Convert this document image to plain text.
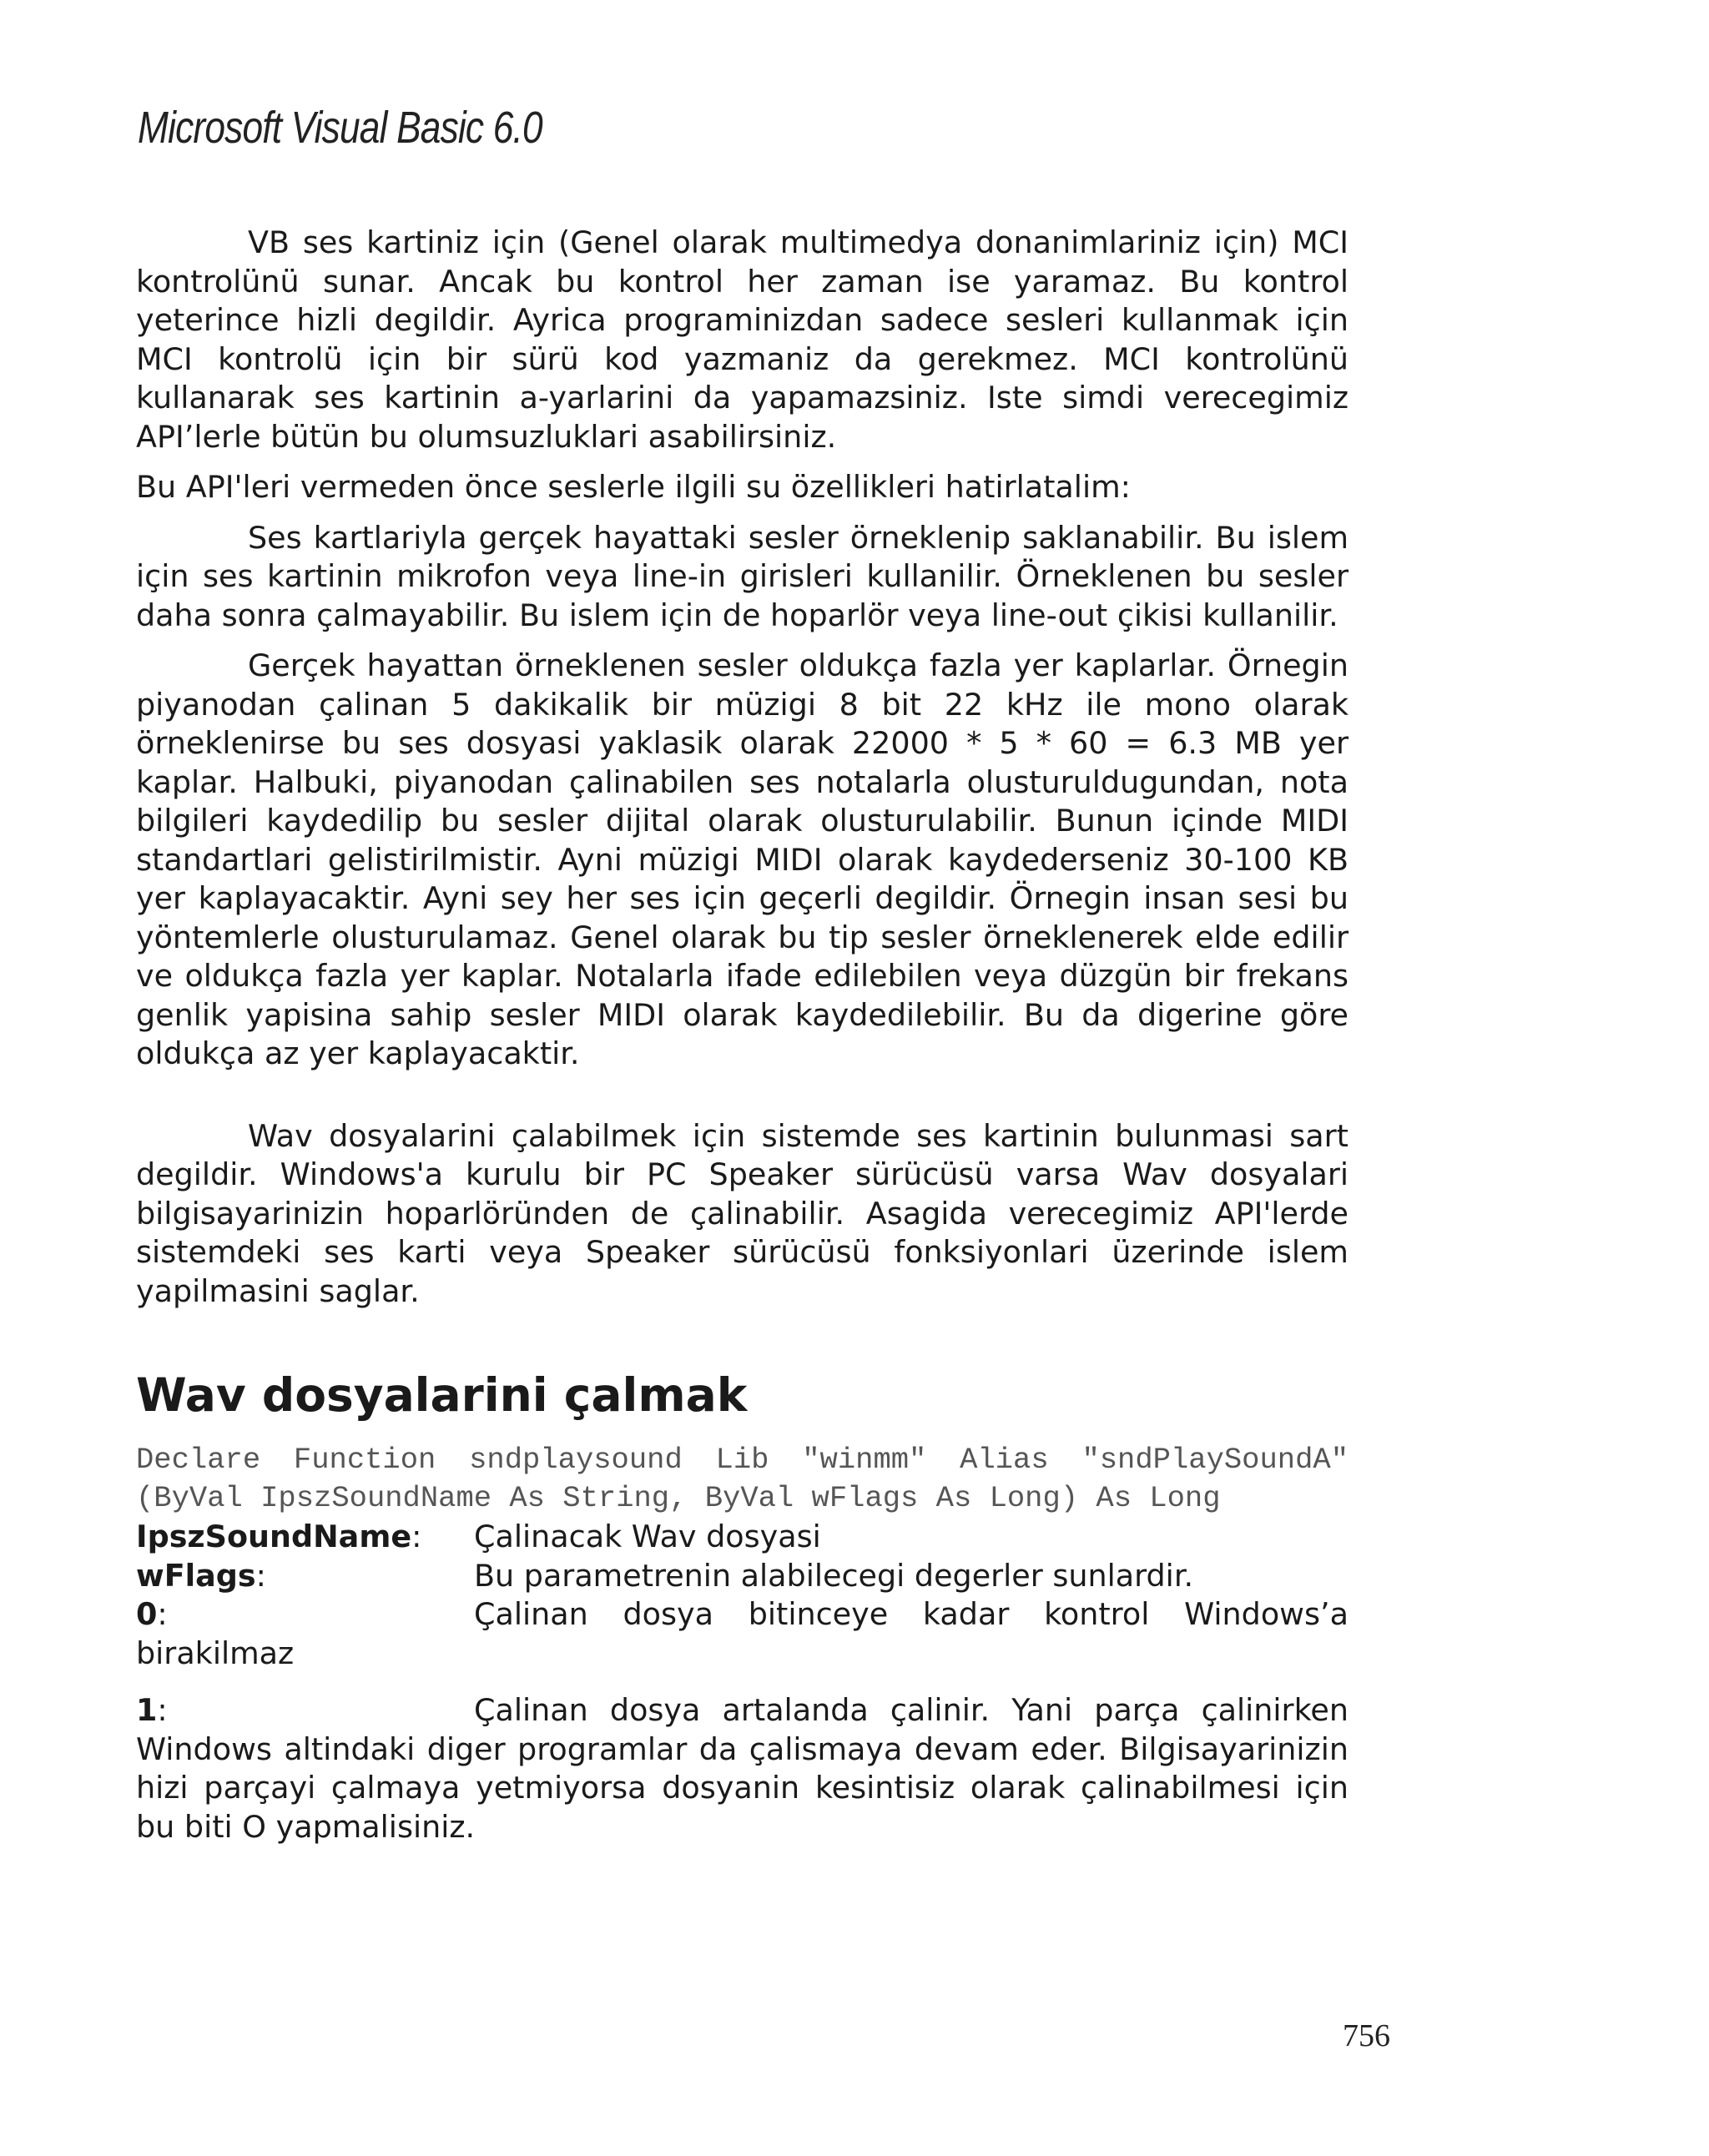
Microsoft Visual Basic 6.0

VB ses kartiniz için (Genel olarak multimedya donanimlariniz için) MCI kontrolünü sunar. Ancak bu kontrol her zaman ise yaramaz. Bu kontrol yeterince hizli degildir. Ayrica programinizdan sadece sesleri kullanmak için MCI kontrolü için bir sürü kod yazmaniz da gerekmez. MCI kontrolünü kullanarak ses kartinin a-yarlarini da yapamazsiniz. Iste simdi verecegimiz API’lerle bütün bu olumsuzluklari asabilirsiniz.

Bu API'leri vermeden önce seslerle ilgili su özellikleri hatirlatalim:

Ses kartlariyla gerçek hayattaki sesler örneklenip saklanabilir. Bu islem için ses kartinin mikrofon veya line-in girisleri kullanilir. Örneklenen bu sesler daha sonra çalmayabilir. Bu islem için de hoparlör veya line-out çikisi kullanilir.

Gerçek hayattan örneklenen sesler oldukça fazla yer kaplarlar. Örnegin piyanodan çalinan 5 dakikalik bir müzigi 8 bit 22 kHz ile mono olarak örneklenirse bu ses dosyasi yaklasik olarak 22000 * 5 * 60 = 6.3 MB yer kaplar. Halbuki, piyanodan çalinabilen ses notalarla olusturuldugundan, nota bilgileri kaydedilip bu sesler dijital olarak olusturulabilir. Bunun içinde MIDI standartlari gelistirilmistir. Ayni müzigi MIDI olarak kaydederseniz 30-100 KB yer kaplayacaktir. Ayni sey her ses için geçerli degildir. Örnegin insan sesi bu yöntemlerle olusturulamaz. Genel olarak bu tip sesler örneklenerek elde edilir ve oldukça fazla yer kaplar. Notalarla ifade edilebilen veya düzgün bir frekans genlik yapisina sahip sesler MIDI olarak kaydedilebilir. Bu da digerine göre oldukça az yer kaplayacaktir.

Wav dosyalarini çalabilmek için sistemde ses kartinin bulunmasi sart degildir. Windows'a kurulu bir PC Speaker sürücüsü varsa Wav dosyalari bilgisayarinizin hoparlöründen de çalinabilir. Asagida verecegimiz API'lerde sistemdeki ses karti veya Speaker sürücüsü fonksiyonlari üzerinde islem yapilmasini saglar.

Wav dosyalarini çalmak
Declare Function sndplaysound Lib "winmm" Alias "sndPlaySoundA" (ByVal IpszSoundName As String, ByVal wFlags As Long) As Long
IpszSoundName: Çalinacak Wav dosyasi
wFlags:	Bu parametrenin alabilecegi degerler sunlardir.
0:	Çalinan dosya bitinceye kadar kontrol Windows’a birakilmaz
1:	Çalinan dosya artalanda çalinir. Yani parça çalinirken Windows altindaki diger programlar da çalismaya devam eder. Bilgisayarinizin hizi parçayi çalmaya yetmiyorsa dosyanin kesintisiz olarak çalinabilmesi için bu biti O yapmalisiniz.
756
